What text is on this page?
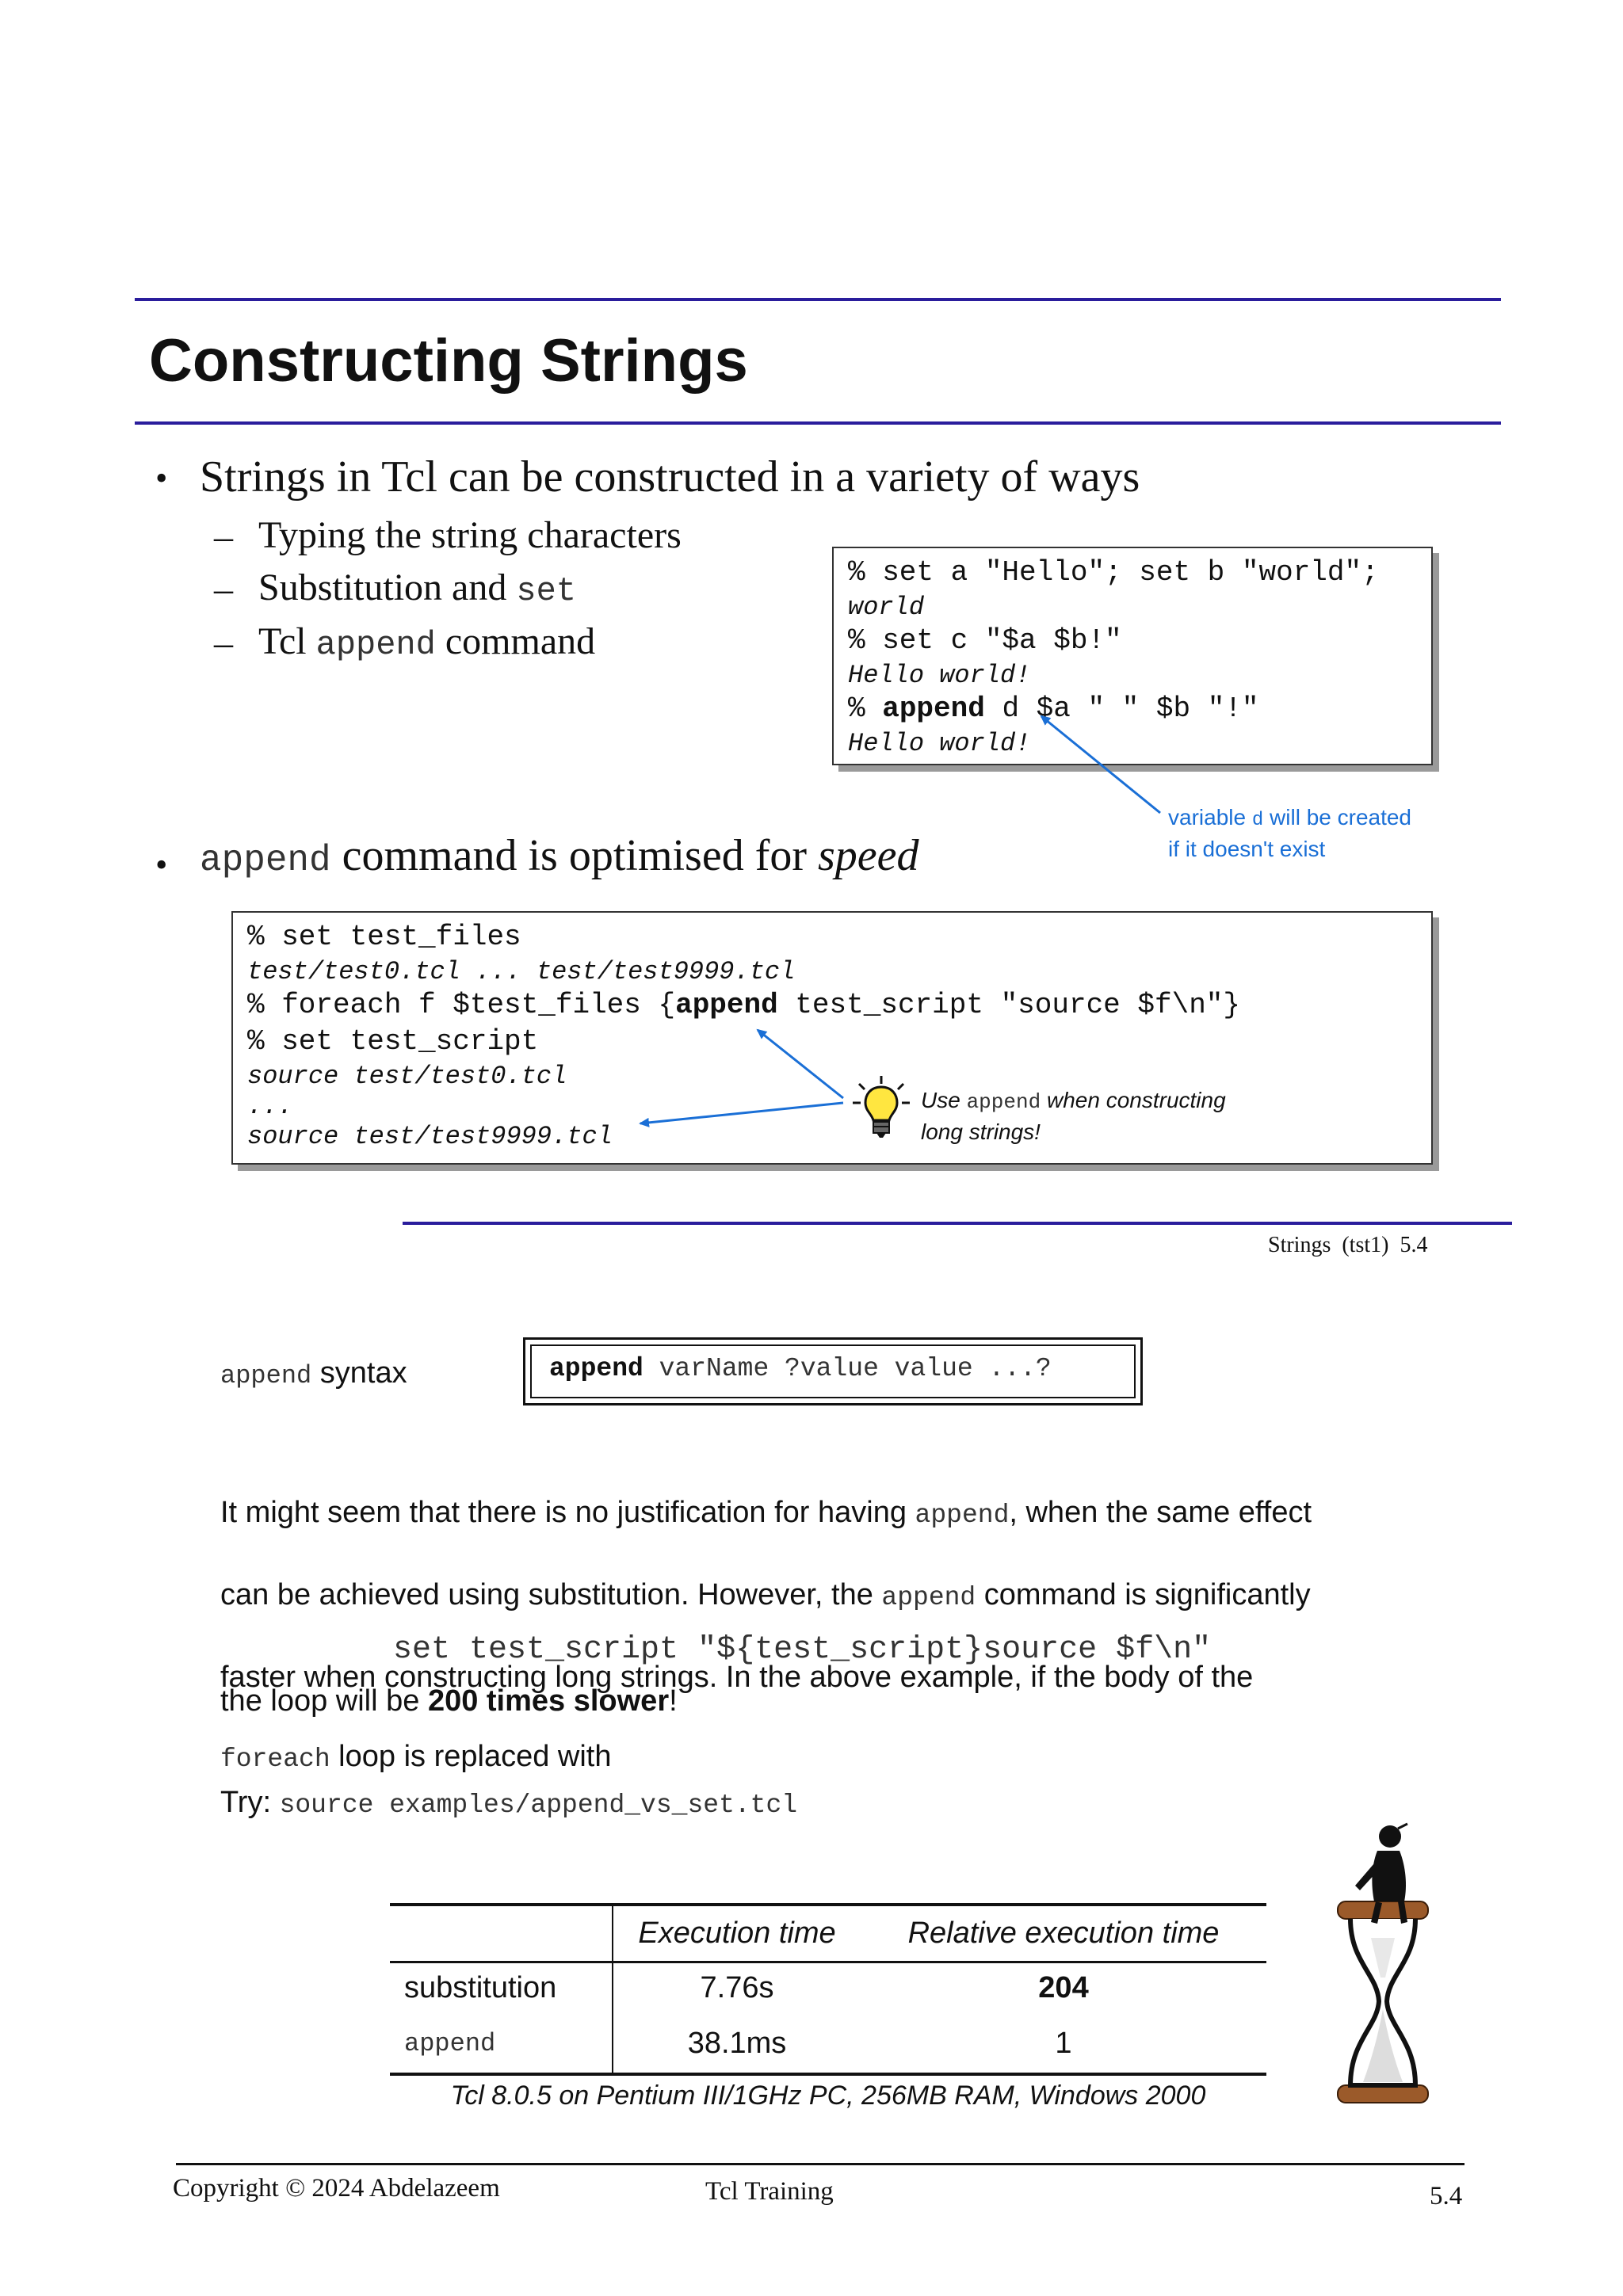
Constructing Strings
• Strings in Tcl can be constructed in a variety of ways
– Typing the string characters
– Substitution and set
– Tcl append command
% set a "Hello"; set b "world";
world
% set c "$a $b!"
Hello world!
% append d $a " " $b "!"
Hello world!
variable d will be created
if it doesn't exist
• append command is optimised for speed
% set test_files
test/test0.tcl ... test/test9999.tcl
% foreach f $test_files {append test_script "source $f\n"}
% set test_script
source test/test0.tcl
...
source test/test9999.tcl
Use append when constructing
long strings!
Strings  (tst1)  5.4
append syntax	append varName ?value value ...?

It might seem that there is no justification for having append, when the same effect

can be achieved using substitution. However, the append command is significantly

faster when constructing long strings. In the above example, if the body of the

foreach loop is replaced with

set test_script "${test_script}source $f\n"
the loop will be 200 times slower!
Try: source examples/append_vs_set.tcl
	Execution time	Relative execution time
substitution	7.76s	204
append	38.1ms	1
Tcl 8.0.5 on Pentium III/1GHz PC, 256MB RAM, Windows 2000
Copyright © 2024 Abdelazeem	Tcl Training	5.4
